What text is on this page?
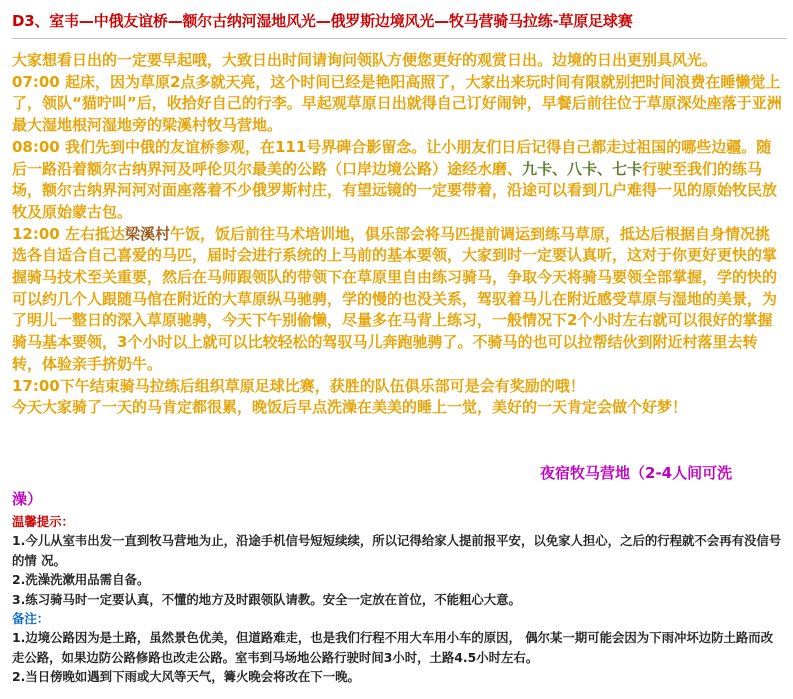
D3、室韦—中俄友谊桥—额尔古纳河湿地风光—俄罗斯边境风光—牧马营骑马拉练-草原足球赛

大家想看日出的一定要早起哦，大致日出时间请询问领队方便您更好的观赏日出。边境的日出更别具风光。

07:00 起床，因为草原2点多就天亮，这个时间已经是艳阳高照了，大家出来玩时间有限就别把时间浪费在睡懒觉上了，领队“猫咛叫”后，收拾好自己的行李。早起观草原日出就得自己订好闹钟，早餐后前往位于草原深处座落于亚洲最大湿地根河湿地旁的梁溪村牧马营地。

08:00 我们先到中俄的友谊桥参观，在111号界碑合影留念。让小朋友们日后记得自己都走过祖国的哪些边疆。随后一路沿着额尔古纳界河及呼伦贝尔最美的公路（口岸边境公路）途经水磨、九卡、八卡、七卡行驶至我们的练马场，额尔古纳界河河对面座落着不少俄罗斯村庄，有望远镜的一定要带着，沿途可以看到几户难得一见的原始牧民放牧及原始蒙古包。

12:00 左右抵达梁溪村午饭，饭后前往马术培训地，俱乐部会将马匹提前调运到练马草原，抵达后根据自身情况挑选各自适合自己喜爱的马匹，届时会进行系统的上马前的基本要领，大家到时一定要认真听，这对于你更好更快的掌握骑马技术至关重要，然后在马师跟领队的带领下在草原里自由练习骑马，争取今天将骑马要领全部掌握，学的快的可以约几个人跟随马倌在附近的大草原纵马驰骋，学的慢的也没关系，驾驭着马儿在附近感受草原与湿地的美景，为了明儿一整日的深入草原驰骋，今天下午别偷懒，尽量多在马背上练习，一般情况下2个小时左右就可以很好的掌握骑马基本要领，3个小时以上就可以比较轻松的驾驭马儿奔跑驰骋了。不骑马的也可以拉帮结伙到附近村落里去转转，体验亲手挤奶牛。

17:00下午结束骑马拉练后组织草原足球比赛，获胜的队伍俱乐部可是会有奖励的哦！

今天大家骑了一天的马肯定都很累，晚饭后早点洗澡在美美的睡上一觉，美好的一天肯定会做个好梦！

夜宿牧马营地（2-4人间可洗
澡）

温馨提示：

1.今儿从室韦出发一直到牧马营地为止，沿途手机信号短短续续，所以记得给家人提前报平安，以免家人担心，之后的行程就不会再有没信号的情 况。

2.洗澡洗漱用品需自备。

3.练习骑马时一定要认真，不懂的地方及时跟领队请教。安全一定放在首位，不能粗心大意。

备注：

1.边境公路因为是土路，虽然景色优美，但道路难走，也是我们行程不用大车用小车的原因， 偶尔某一期可能会因为下雨冲坏边防土路而改 走公路，如果边防公路修路也改走公路。室韦到马场地公路行驶时间3小时，土路4.5小时左右。

2.当日傍晚如遇到下雨或大风等天气，篝火晚会将改在下一晚。
